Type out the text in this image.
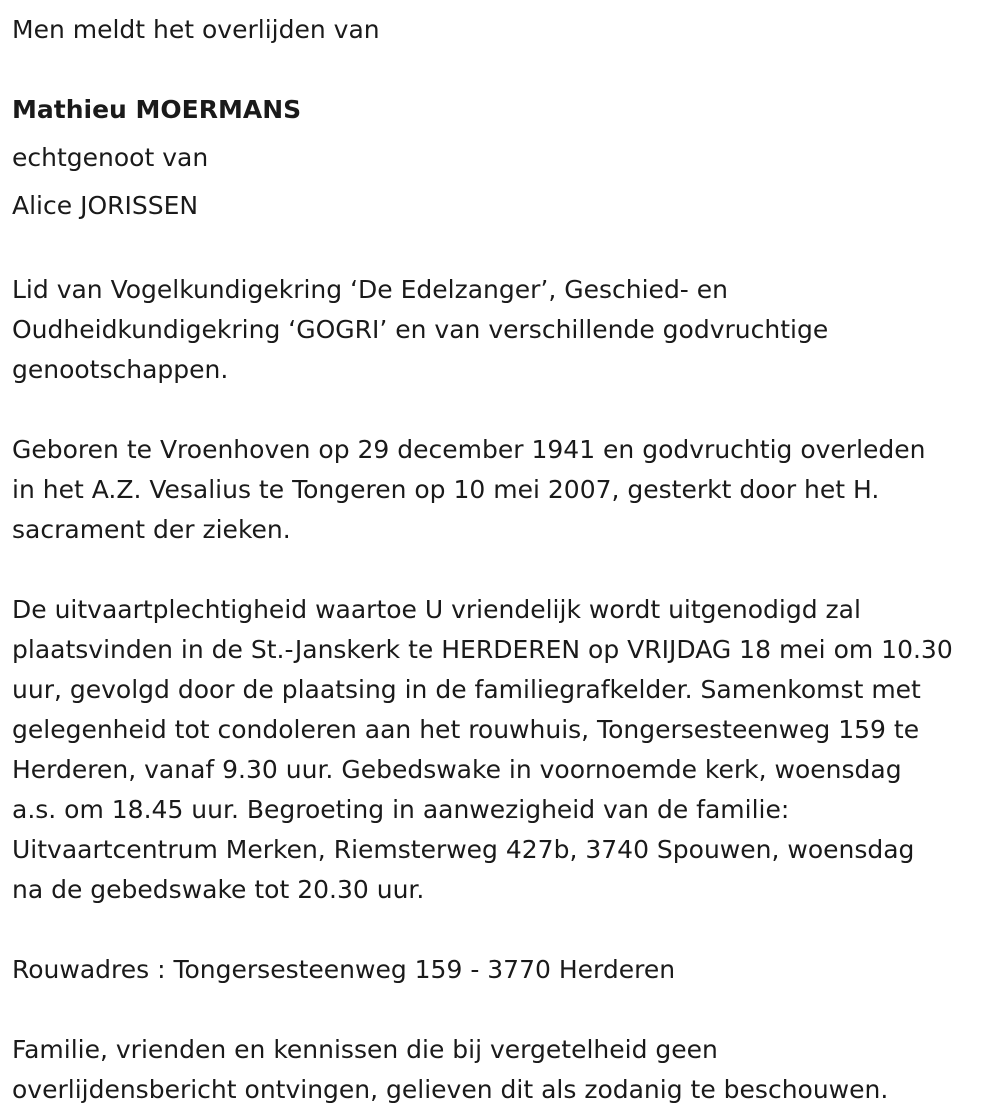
Men meldt het overlijden van

Mathieu MOERMANS

echtgenoot van

Alice JORISSEN

Lid van Vogelkundigekring ‘De Edelzanger’, Geschied- en
Oudheidkundigekring ‘GOGRI’ en van verschillende godvruchtige
genootschappen.

Geboren te Vroenhoven op 29 december 1941 en godvruchtig overleden
in het A.Z. Vesalius te Tongeren op 10 mei 2007, gesterkt door het H.
sacrament der zieken.

De uitvaartplechtigheid waartoe U vriendelijk wordt uitgenodigd zal
plaatsvinden in de St.-Janskerk te HERDEREN op VRIJDAG 18 mei om 10.30
uur, gevolgd door de plaatsing in de familiegrafkelder. Samenkomst met
gelegenheid tot condoleren aan het rouwhuis, Tongersesteenweg 159 te
Herderen, vanaf 9.30 uur. Gebedswake in voornoemde kerk, woensdag
a.s. om 18.45 uur. Begroeting in aanwezigheid van de familie:
Uitvaartcentrum Merken, Riemsterweg 427b, 3740 Spouwen, woensdag
na de gebedswake tot 20.30 uur.

Rouwadres : Tongersesteenweg 159 - 3770 Herderen

Familie, vrienden en kennissen die bij vergetelheid geen
overlijdensbericht ontvingen, gelieven dit als zodanig te beschouwen.
